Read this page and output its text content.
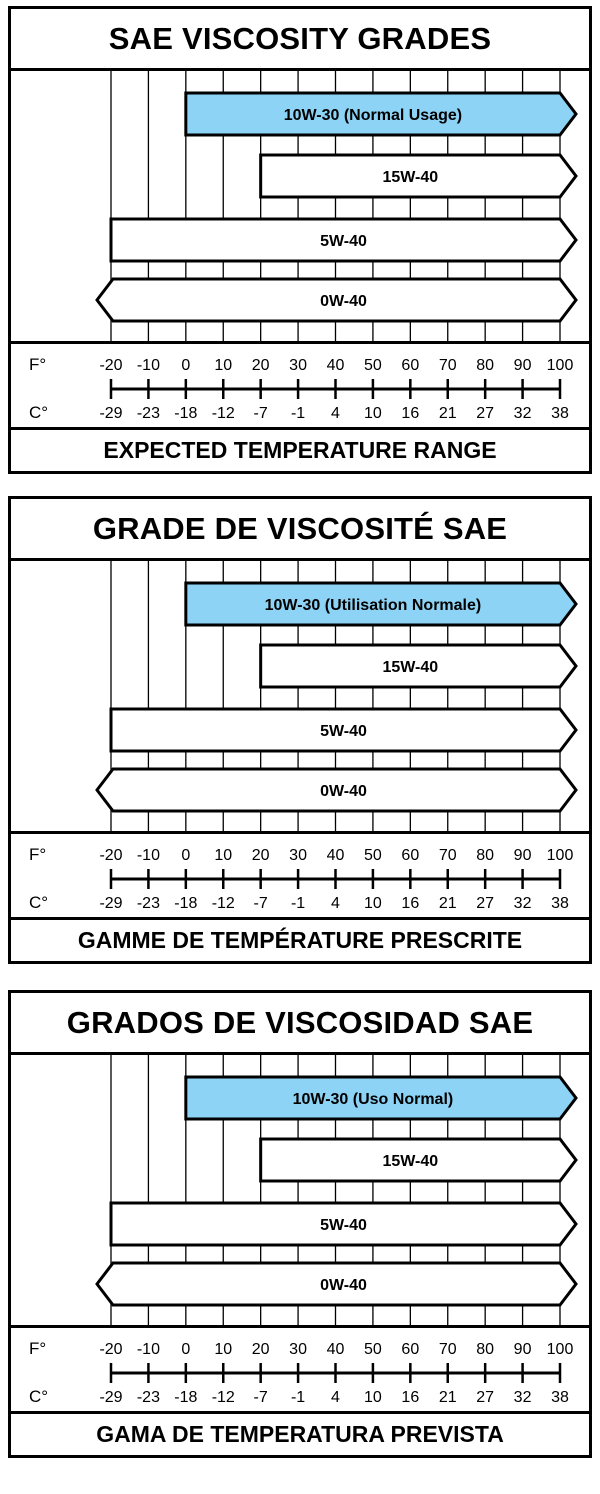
SAE VISCOSITY GRADES
10W-30 (Normal Usage)
15W-40
5W-40
0W-40
F°
C°
-20
-29
-10
-23
0
-18
10
-12
20
-7
30
-1
40
4
50
10
60
16
70
21
80
27
90
32
100
38
EXPECTED TEMPERATURE RANGE
GRADE DE VISCOSITÉ SAE
10W-30 (Utilisation Normale)
15W-40
5W-40
0W-40
F°
C°
-20
-29
-10
-23
0
-18
10
-12
20
-7
30
-1
40
4
50
10
60
16
70
21
80
27
90
32
100
38
GAMME DE TEMPÉRATURE PRESCRITE
GRADOS DE VISCOSIDAD SAE
10W-30 (Uso Normal)
15W-40
5W-40
0W-40
F°
C°
-20
-29
-10
-23
0
-18
10
-12
20
-7
30
-1
40
4
50
10
60
16
70
21
80
27
90
32
100
38
GAMA DE TEMPERATURA PREVISTA
